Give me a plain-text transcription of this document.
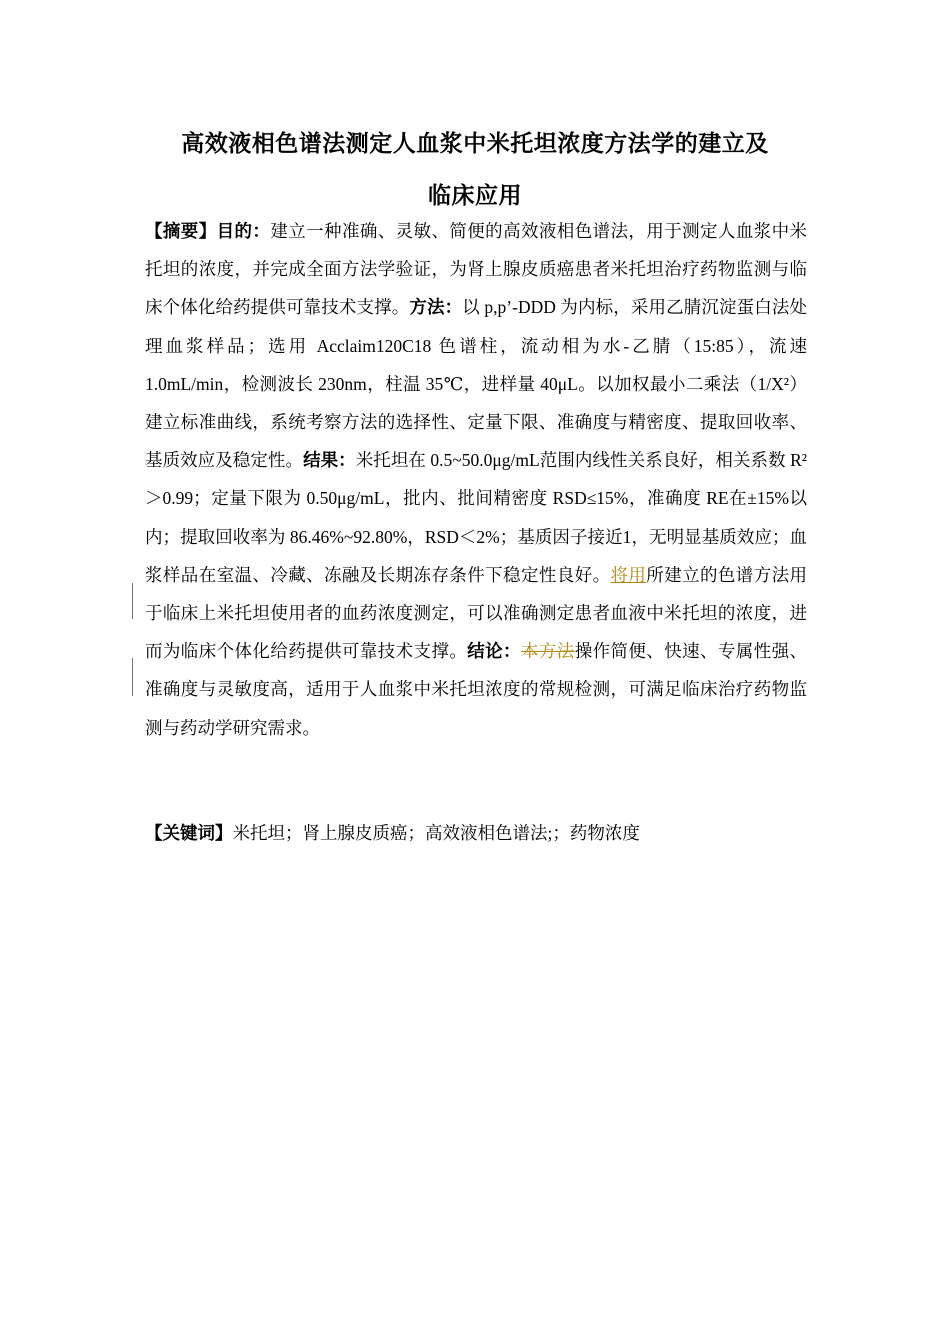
高效液相色谱法测定人血浆中米托坦浓度方法学的建立及
临床应用
【摘要】目的：建立一种准确、灵敏、简便的高效液相色谱法，用于测定人血浆中米托坦的浓度，并完成全面方法学验证，为肾上腺皮质癌患者米托坦治疗药物监测与临床个体化给药提供可靠技术支撑。方法：以 p,p’-DDD 为内标，采用乙腈沉淀蛋白法处理血浆样品；选用 Acclaim120C18 色谱柱，流动相为水-乙腈（15:85），流速 1.0mL/min，检测波长 230nm，柱温 35℃，进样量 40μL。以加权最小二乘法（1/X²）建立标准曲线，系统考察方法的选择性、定量下限、准确度与精密度、提取回收率、基质效应及稳定性。结果：米托坦在 0.5~50.0μg/mL范围内线性关系良好，相关系数 R²＞0.99；定量下限为 0.50μg/mL，批内、批间精密度 RSD≤15%，准确度 RE在±15%以内；提取回收率为 86.46%~92.80%，RSD＜2%；基质因子接近1，无明显基质效应；血浆样品在室温、冷藏、冻融及长期冻存条件下稳定性良好。将用所建立的色谱方法用于临床上米托坦使用者的血药浓度测定，可以准确测定患者血液中米托坦的浓度，进而为临床个体化给药提供可靠技术支撑。结论：本方法操作简便、快速、专属性强、准确度与灵敏度高，适用于人血浆中米托坦浓度的常规检测，可满足临床治疗药物监测与药动学研究需求。
【关键词】米托坦；肾上腺皮质癌；高效液相色谱法;；药物浓度
